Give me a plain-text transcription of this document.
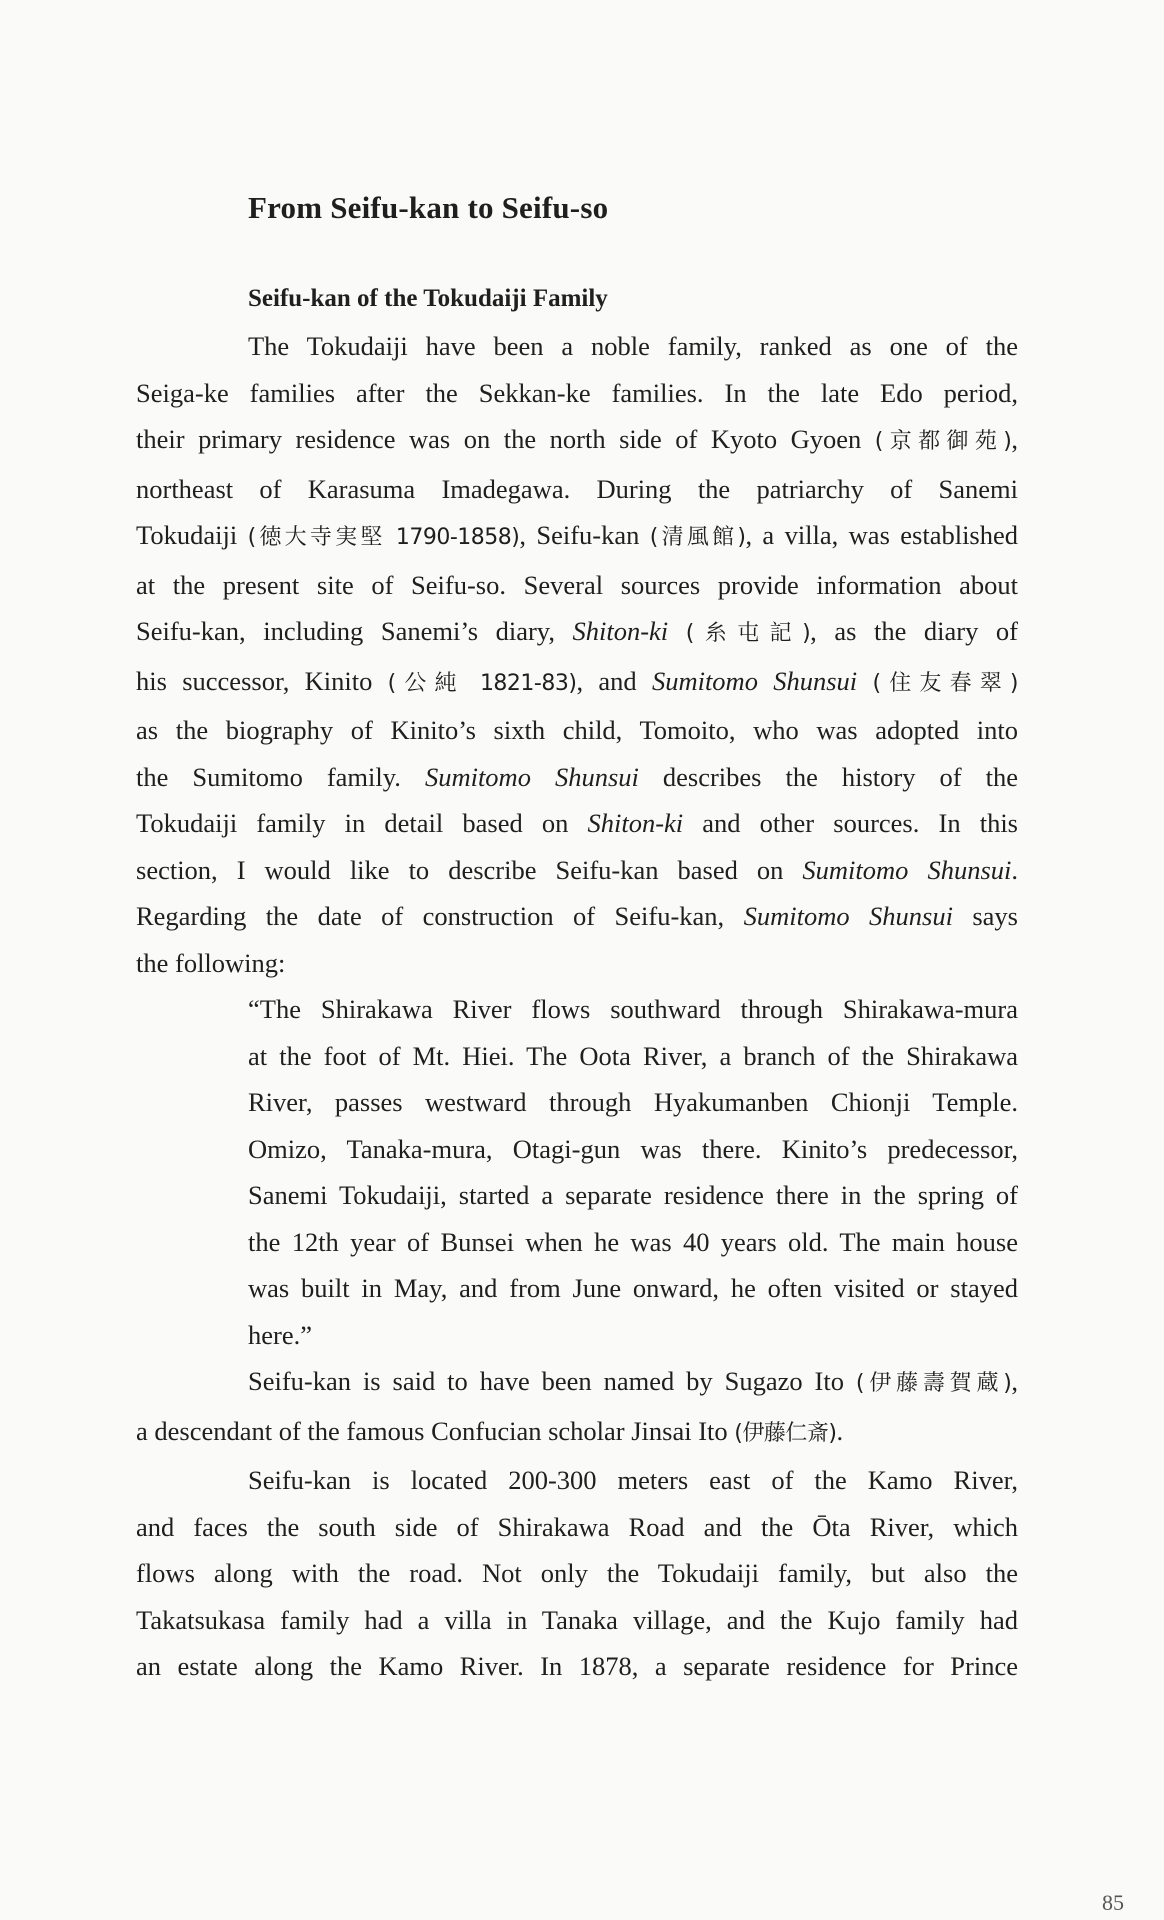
From Seifu-kan to Seifu-so
Seifu-kan of the Tokudaiji Family
The Tokudaiji have been a noble family, ranked as one of the
Seiga-ke families after the Sekkan-ke families. In the late Edo period,
their primary residence was on the north side of Kyoto Gyoen (京都御苑),
northeast of Karasuma Imadegawa. During the patriarchy of Sanemi
Tokudaiji (徳大寺実堅 1790-1858), Seifu-kan (清風館), a villa, was established
at the present site of Seifu-so. Several sources provide information about
Seifu-kan, including Sanemi’s diary, Shiton-ki (糸屯記), as the diary of
his successor, Kinito (公純 1821-83), and Sumitomo Shunsui (住友春翠)
as the biography of Kinito’s sixth child, Tomoito, who was adopted into
the Sumitomo family. Sumitomo Shunsui describes the history of the
Tokudaiji family in detail based on Shiton-ki and other sources. In this
section, I would like to describe Seifu-kan based on Sumitomo Shunsui.
Regarding the date of construction of Seifu-kan, Sumitomo Shunsui says
the following:
“The Shirakawa River flows southward through Shirakawa-mura
at the foot of Mt. Hiei. The Oota River, a branch of the Shirakawa
River, passes westward through Hyakumanben Chionji Temple.
Omizo, Tanaka-mura, Otagi-gun was there. Kinito’s predecessor,
Sanemi Tokudaiji, started a separate residence there in the spring of
the 12th year of Bunsei when he was 40 years old. The main house
was built in May, and from June onward, he often visited or stayed
here.”
Seifu-kan is said to have been named by Sugazo Ito (伊藤壽賀蔵),
a descendant of the famous Confucian scholar Jinsai Ito (伊藤仁斎).
Seifu-kan is located 200-300 meters east of the Kamo River,
and faces the south side of Shirakawa Road and the Ōta River, which
flows along with the road. Not only the Tokudaiji family, but also the
Takatsukasa family had a villa in Tanaka village, and the Kujo family had
an estate along the Kamo River. In 1878, a separate residence for Prince

85
